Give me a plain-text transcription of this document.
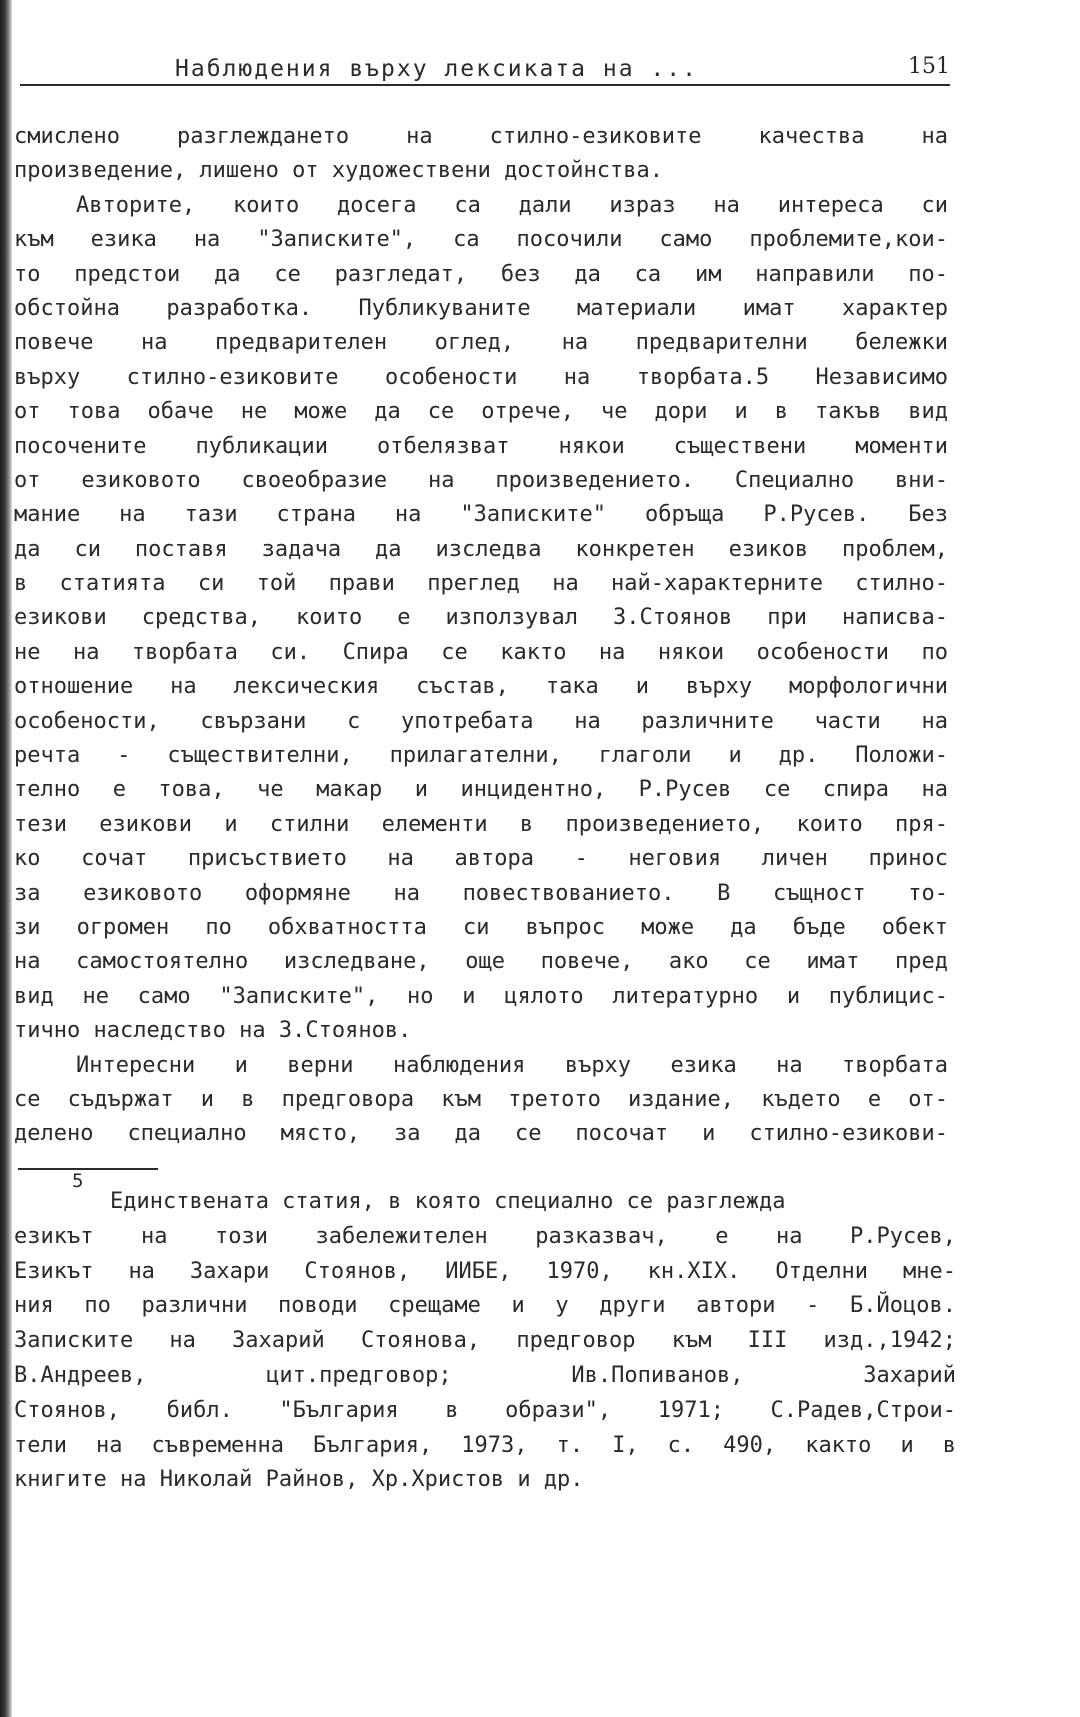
Наблюдения върху лексиката на ...	151
смислено разглеждането на стилно-езиковите качества на
произведение, лишено от художествени достойнства.
Авторите, които досега са дали израз на интереса си
към езика на "Записките", са посочили само проблемите,кои-
то предстои да се разгледат, без да са им направили по-
обстойна разработка. Публикуваните материали имат характер
повече на предварителен оглед, на предварителни бележки
върху стилно-езиковите особености на творбата.5 Независимо
от това обаче не може да се отрече, че дори и в такъв вид
посочените публикации отбелязват някои съществени моменти
от езиковото своеобразие на произведението. Специално вни-
мание на тази страна на "Записките" обръща Р.Русев. Без
да си поставя задача да изследва конкретен езиков проблем,
в статията си той прави преглед на най-характерните стилно-
езикови средства, които е използувал З.Стоянов при написва-
не на творбата си. Спира се както на някои особености по
отношение на лексическия състав, така и върху морфологични
особености, свързани с употребата на различните части на
речта - съществителни, прилагателни, глаголи и др. Положи-
телно е това, че макар и инцидентно, Р.Русев се спира на
тези езикови и стилни елементи в произведението, които пря-
ко сочат присъствието на автора - неговия личен принос
за езиковото оформяне на повествованието. В същност то-
зи огромен по обхватността си въпрос може да бъде обект
на самостоятелно изследване, още повече, ако се имат пред
вид не само "Записките", но и цялото литературно и публицис-
тично наследство на З.Стоянов.
Интересни и верни наблюдения върху езика на творбата
се съдържат и в предговора към третото издание, където е от-
делено специално място, за да се посочат и стилно-езикови-
5
Единствената статия, в която специално се разглежда
езикът на този забележителен разказвач, е на Р.Русев,
Езикът на Захари Стоянов, ИИБЕ, 1970, кн.XIX. Отделни мне-
ния по различни поводи срещаме и у други автори - Б.Йоцов.
Записките на Захарий Стоянова, предговор към III изд.,1942;
В.Андреев, цит.предговор; Ив.Попиванов, Захарий
Стоянов, библ. "България в образи", 1971; С.Радев,Строи-
тели на съвременна България, 1973, т. I, с. 490, както и в
книгите на Николай Райнов, Хр.Христов и др.
